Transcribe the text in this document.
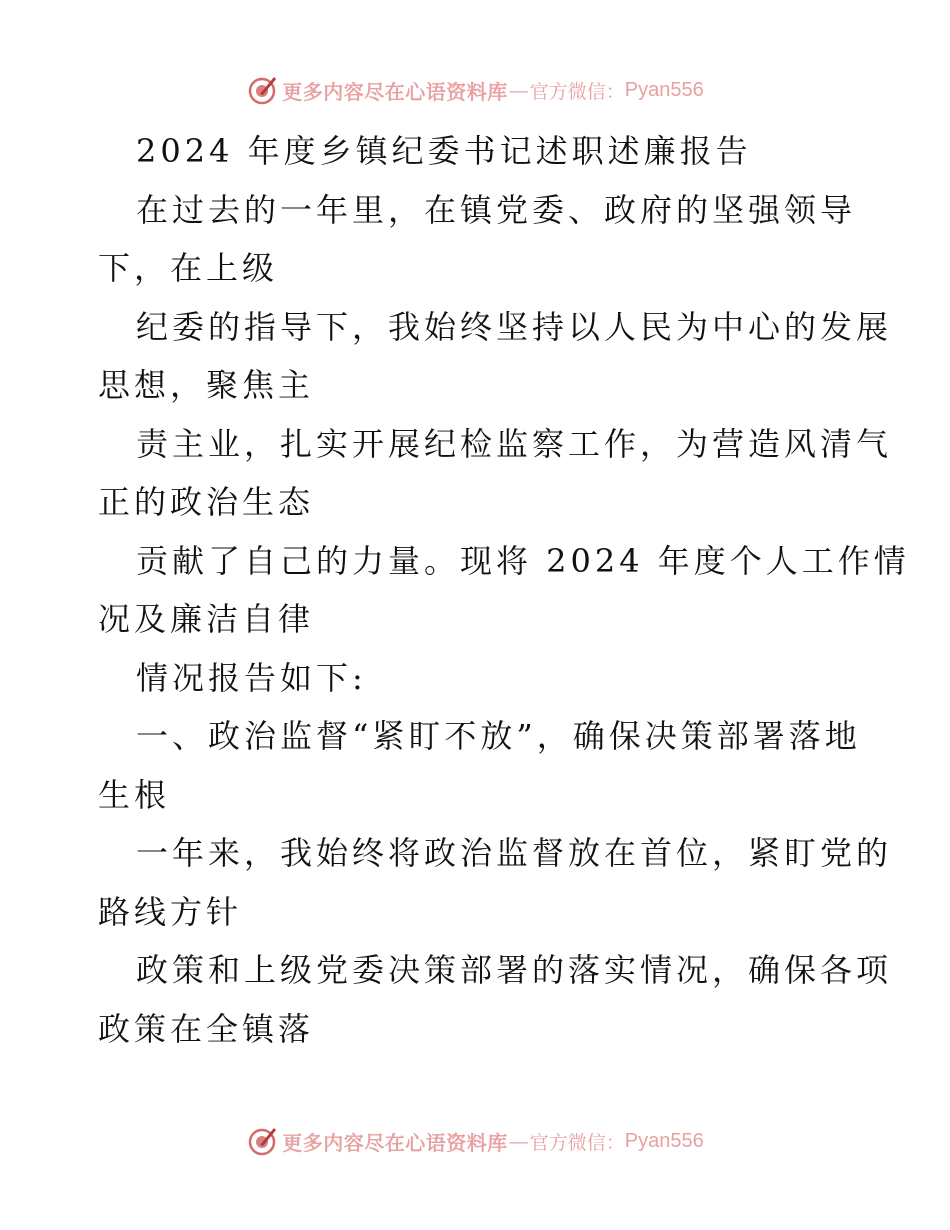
更多内容尽在心语资料库 — 官方微信： Pyan556
2024 年度乡镇纪委书记述职述廉报告
在过去的一年里，在镇党委、政府的坚强领导
下，在上级
纪委的指导下，我始终坚持以人民为中心的发展
思想，聚焦主
责主业，扎实开展纪检监察工作，为营造风清气
正的政治生态
贡献了自己的力量。现将 2024 年度个人工作情
况及廉洁自律
情况报告如下:
一、政治监督“紧盯不放”，确保决策部署落地
生根
一年来，我始终将政治监督放在首位，紧盯党的
路线方针
政策和上级党委决策部署的落实情况，确保各项
政策在全镇落
更多内容尽在心语资料库 — 官方微信： Pyan556
